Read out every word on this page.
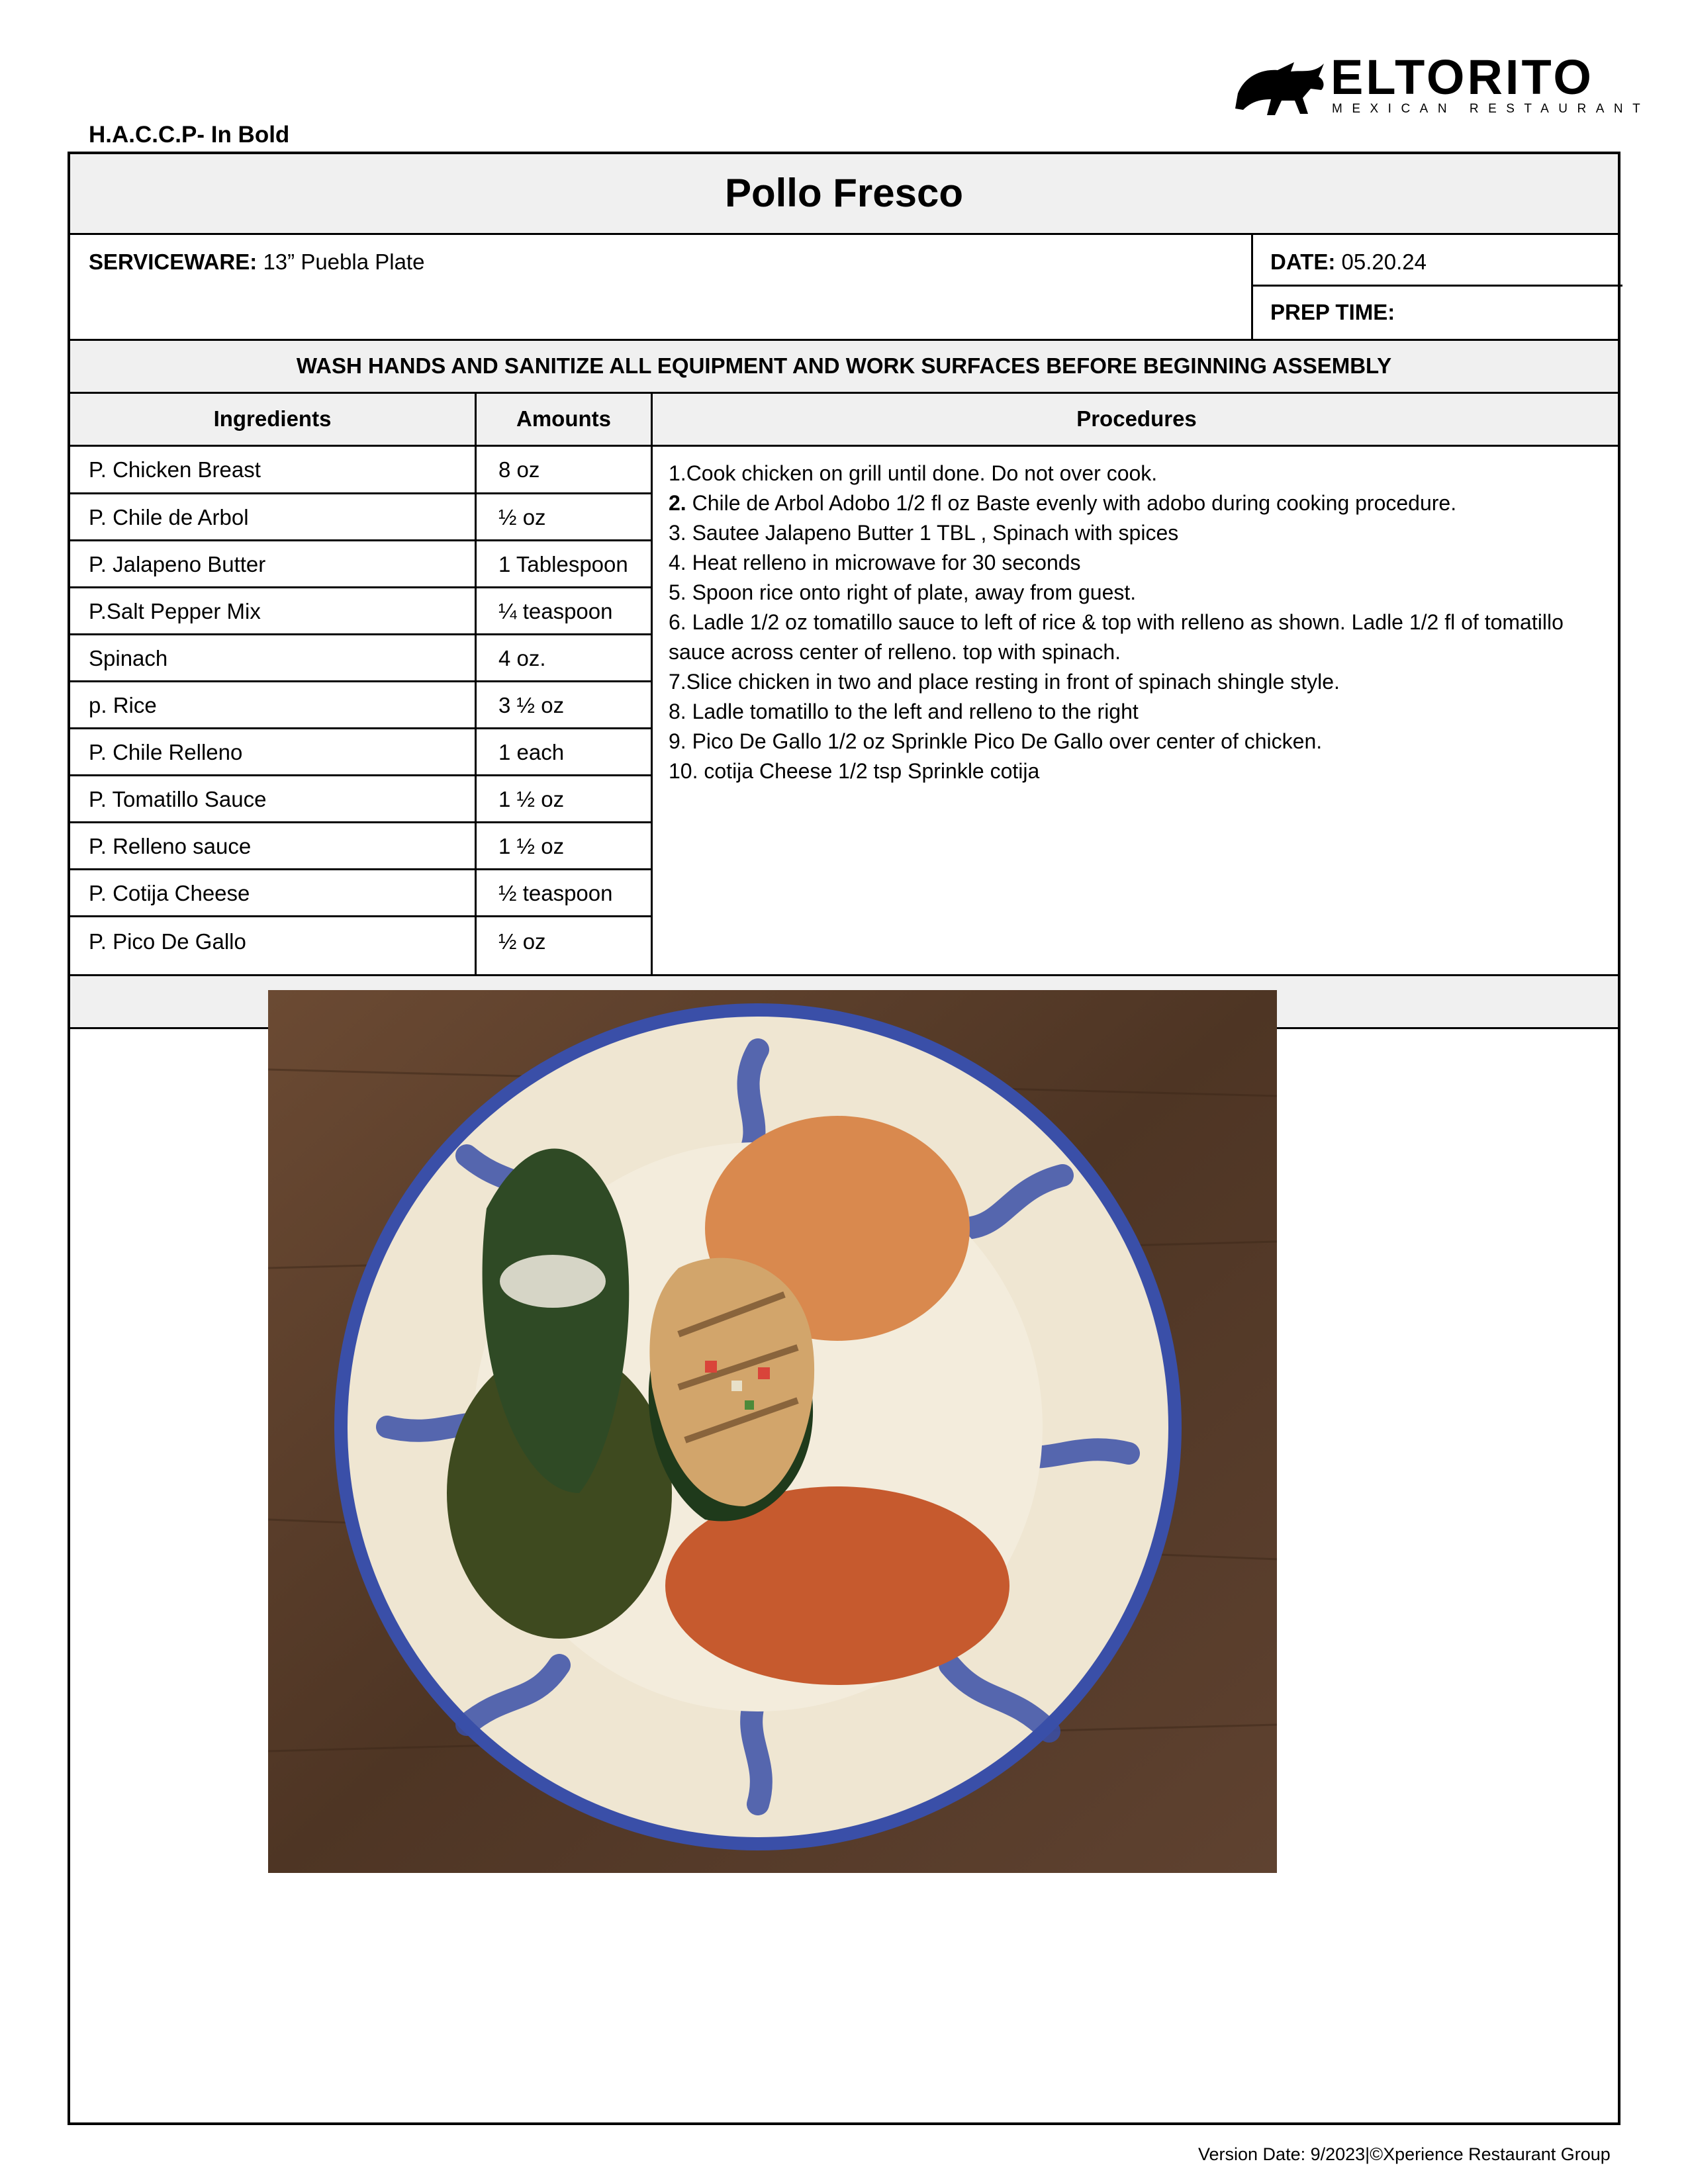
ELTORITO
MEXICAN RESTAURANT
H.A.C.C.P- In Bold
Pollo Fresco
SERVICEWARE: 13” Puebla Plate	DATE: 05.20.24
PREP TIME:
WASH HANDS AND SANITIZE ALL EQUIPMENT AND WORK SURFACES BEFORE BEGINNING ASSEMBLY
Ingredients	Amounts	Procedures
P. Chicken Breast	8 oz
P. Chile de Arbol	½ oz
P. Jalapeno Butter	1 Tablespoon
P.Salt Pepper Mix	¼ teaspoon
Spinach	4 oz.
p. Rice	3 ½ oz
P. Chile Relleno	1 each
P. Tomatillo Sauce	1 ½ oz
P. Relleno sauce	1 ½ oz
P. Cotija Cheese	½ teaspoon
P. Pico De Gallo	½ oz

1.Cook chicken on grill until done. Do not over cook.

2. Chile de Arbol Adobo 1/2 fl oz Baste evenly with adobo during cooking procedure.

3. Sautee Jalapeno Butter 1 TBL , Spinach with spices

4. Heat relleno in microwave for 30 seconds

5. Spoon rice onto right of plate, away from guest.

6. Ladle 1/2 oz tomatillo sauce to left of rice & top with relleno as shown. Ladle 1/2 fl of tomatillo sauce across center of relleno. top with spinach.

7.Slice chicken in two and place resting in front of spinach shingle style.

8. Ladle tomatillo to the left and relleno to the right

9. Pico De Gallo 1/2 oz Sprinkle Pico De Gallo over center of chicken.

10. cotija Cheese 1/2 tsp Sprinkle cotija

Version Date: 9/2023|©Xperience Restaurant Group
